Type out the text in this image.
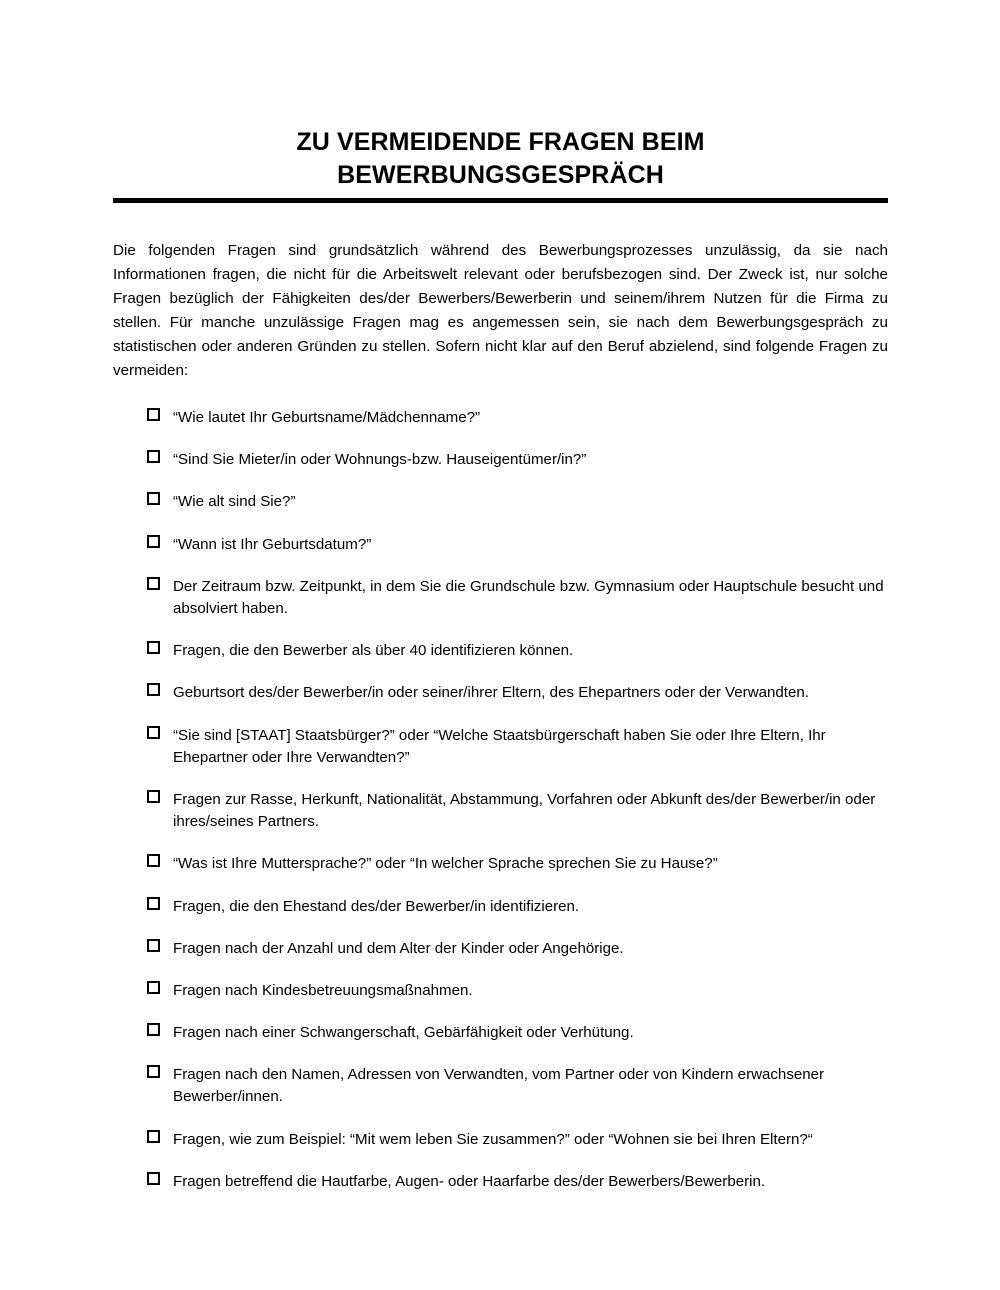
ZU VERMEIDENDE FRAGEN BEIM
BEWERBUNGSGESPRÄCH

Die folgenden Fragen sind grundsätzlich während des Bewerbungsprozesses unzulässig, da sie nach Informationen fragen, die nicht für die Arbeitswelt relevant oder berufsbezogen sind. Der Zweck ist, nur solche Fragen bezüglich der Fähigkeiten des/der Bewerbers/Bewerberin und seinem/ihrem Nutzen für die Firma zu stellen. Für manche unzulässige Fragen mag es angemessen sein, sie nach dem Bewerbungsgespräch zu statistischen oder anderen Gründen zu stellen. Sofern nicht klar auf den Beruf abzielend, sind folgende Fragen zu vermeiden:

“Wie lautet Ihr Geburtsname/Mädchenname?”
“Sind Sie Mieter/in oder Wohnungs-bzw. Hauseigentümer/in?”
“Wie alt sind Sie?”
“Wann ist Ihr Geburtsdatum?”
Der Zeitraum bzw. Zeitpunkt, in dem Sie die Grundschule bzw. Gymnasium oder Hauptschule besucht und absolviert haben.
Fragen, die den Bewerber als über 40 identifizieren können.
Geburtsort des/der Bewerber/in oder seiner/ihrer Eltern, des Ehepartners oder der Verwandten.
“Sie sind [STAAT] Staatsbürger?” oder “Welche Staatsbürgerschaft haben Sie oder Ihre Eltern, Ihr Ehepartner oder Ihre Verwandten?”
Fragen zur Rasse, Herkunft, Nationalität, Abstammung, Vorfahren oder Abkunft des/der Bewerber/in oder ihres/seines Partners.
“Was ist Ihre Muttersprache?” oder “In welcher Sprache sprechen Sie zu Hause?”
Fragen, die den Ehestand des/der Bewerber/in identifizieren.
Fragen nach der Anzahl und dem Alter der Kinder oder Angehörige.
Fragen nach Kindesbetreuungsmaßnahmen.
Fragen nach einer Schwangerschaft, Gebärfähigkeit oder Verhütung.
Fragen nach den Namen, Adressen von Verwandten, vom Partner oder von Kindern erwachsener Bewerber/innen.
Fragen, wie zum Beispiel: “Mit wem leben Sie zusammen?” oder “Wohnen sie bei Ihren Eltern?“
Fragen betreffend die Hautfarbe, Augen- oder Haarfarbe des/der Bewerbers/Bewerberin.
